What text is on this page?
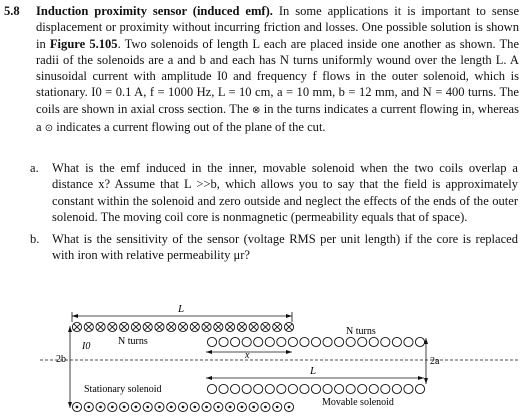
5.8 Induction proximity sensor (induced emf). In some applications it is important to sense displacement or proximity without incurring friction and losses. One possible solution is shown in Figure 5.105. Two solenoids of length L each are placed inside one another as shown. The radii of the solenoids are a and b and each has N turns uniformly wound over the length L. A sinusoidal current with amplitude I0 and frequency f flows in the outer solenoid, which is stationary. I0 = 0.1 A, f = 1000 Hz, L = 10 cm, a = 10 mm, b = 12 mm, and N = 400 turns. The coils are shown in axial cross section. The ⊗ in the turns indicates a current flowing in, whereas a ⊙ indicates a current flowing out of the plane of the cut.
a. What is the emf induced in the inner, movable solenoid when the two coils overlap a distance x? Assume that L >>b, which allows you to say that the field is approximately constant within the solenoid and zero outside and neglect the effects of the ends of the outer solenoid. The moving coil core is nonmagnetic (permeability equals that of space).
b. What is the sensitivity of the sensor (voltage RMS per unit length) if the core is replaced with iron with relative permeability μr?
L
I0	N turns
N turns
2b	x
L
2a
Stationary solenoid
Movable solenoid
